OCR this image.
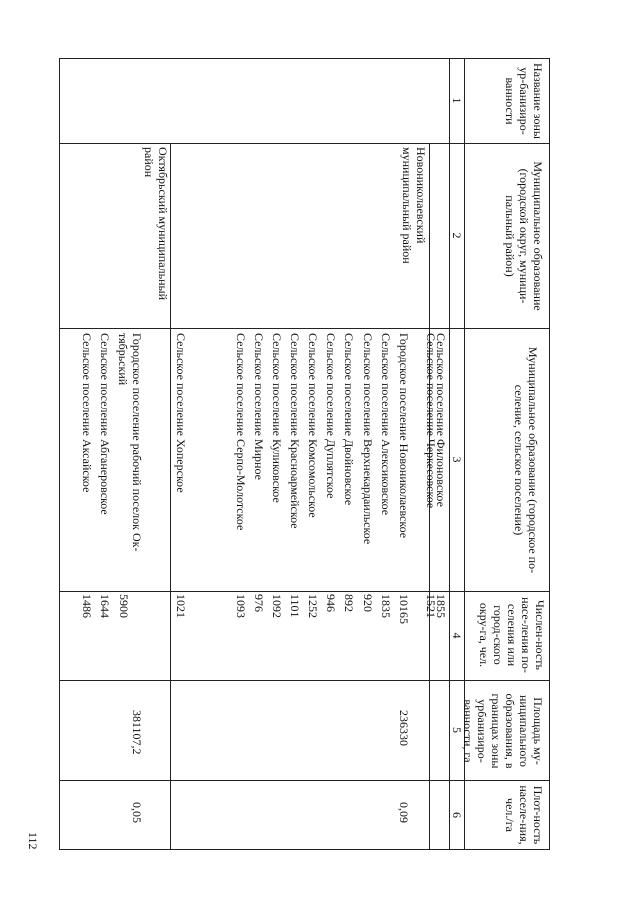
Название зоны ур-банизиро-ванности
Муниципальное образование (городской округ, муници-пальный район)
Муниципальное образование (городское по-селение, сельское поселение)
Числен-ность насе-ления по-селения или город-ского окру-га, чел.
Площадь му-ниципального образования, в границах зоны урбанизиро-ванности, га
Плот-ность населе-ния, чел./га
1
2
3
4
5
6
Сельское поселение Филоновское
1855
Сельское поселение Черкесовское
1521
Новониколаевский муниципальный район
Городское поселение Новониколаевское
10165
236330
0,09
Сельское поселение Алексиковское
1835
Сельское поселение Верхнекардаильское
920
Сельское поселение Двойновское
892
Сельское поселение Дуплятское
946
Сельское поселение Комсомольское
1252
Сельское поселение Красноармейское
1101
Сельское поселение Куликовское
1092
Сельское поселение Мирное
976
Сельское поселение Серпо-Молотское
1093
Сельское поселение Хоперское
1021
Октябрьский муниципальный район
Городское поселение рабочий поселок Ок-тябрьский
5900
381107,2
0,05
Сельское поселение Абганеровское
1644
Сельское поселение Аксайское
1486
112
